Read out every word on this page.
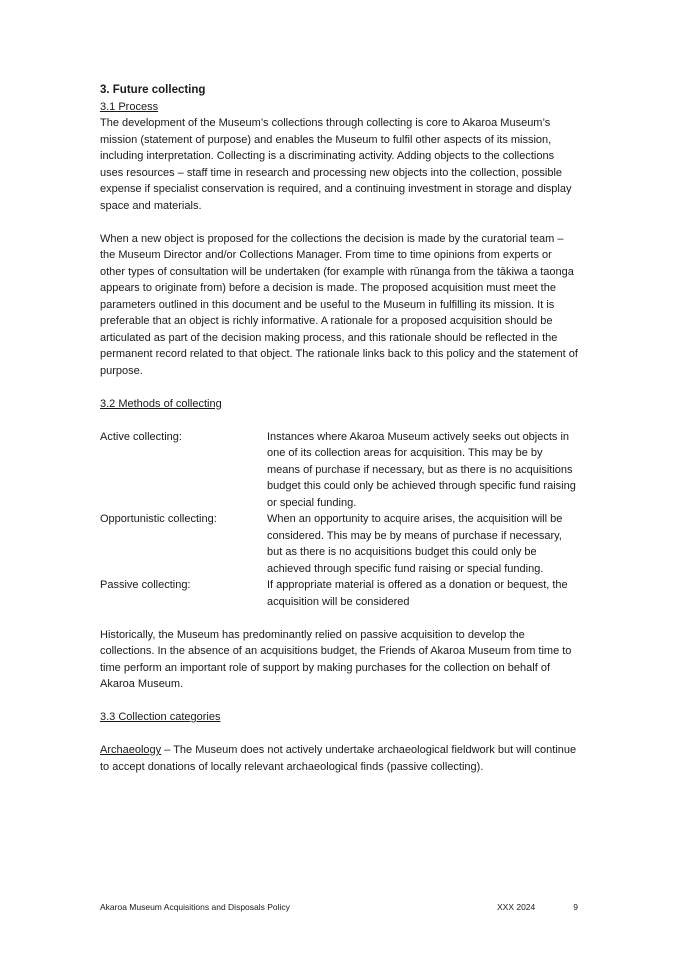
3. Future collecting
3.1 Process

The development of the Museum’s collections through collecting is core to Akaroa Museum’s mission (statement of purpose) and enables the Museum to fulfil other aspects of its mission, including interpretation. Collecting is a discriminating activity. Adding objects to the collections uses resources – staff time in research and processing new objects into the collection, possible expense if specialist conservation is required, and a continuing investment in storage and display space and materials.

When a new object is proposed for the collections the decision is made by the curatorial team – the Museum Director and/or Collections Manager. From time to time opinions from experts or other types of consultation will be undertaken (for example with rūnanga from the tākiwa a taonga appears to originate from) before a decision is made. The proposed acquisition must meet the parameters outlined in this document and be useful to the Museum in fulfilling its mission. It is preferable that an object is richly informative. A rationale for a proposed acquisition should be articulated as part of the decision making process, and this rationale should be reflected in the permanent record related to that object. The rationale links back to this policy and the statement of purpose.

3.2 Methods of collecting
Active collecting:	Instances where Akaroa Museum actively seeks out objects in one of its collection areas for acquisition. This may be by means of purchase if necessary, but as there is no acquisitions budget this could only be achieved through specific fund raising or special funding.
Opportunistic collecting:	When an opportunity to acquire arises, the acquisition will be considered. This may be by means of purchase if necessary, but as there is no acquisitions budget this could only be achieved through specific fund raising or special funding.
Passive collecting:	If appropriate material is offered as a donation or bequest, the acquisition will be considered

Historically, the Museum has predominantly relied on passive acquisition to develop the collections. In the absence of an acquisitions budget, the Friends of Akaroa Museum from time to time perform an important role of support by making purchases for the collection on behalf of Akaroa Museum.

3.3 Collection categories

Archaeology – The Museum does not actively undertake archaeological fieldwork but will continue to accept donations of locally relevant archaeological finds (passive collecting).

Akaroa Museum Acquisitions and Disposals Policy	XXX 2024	9
